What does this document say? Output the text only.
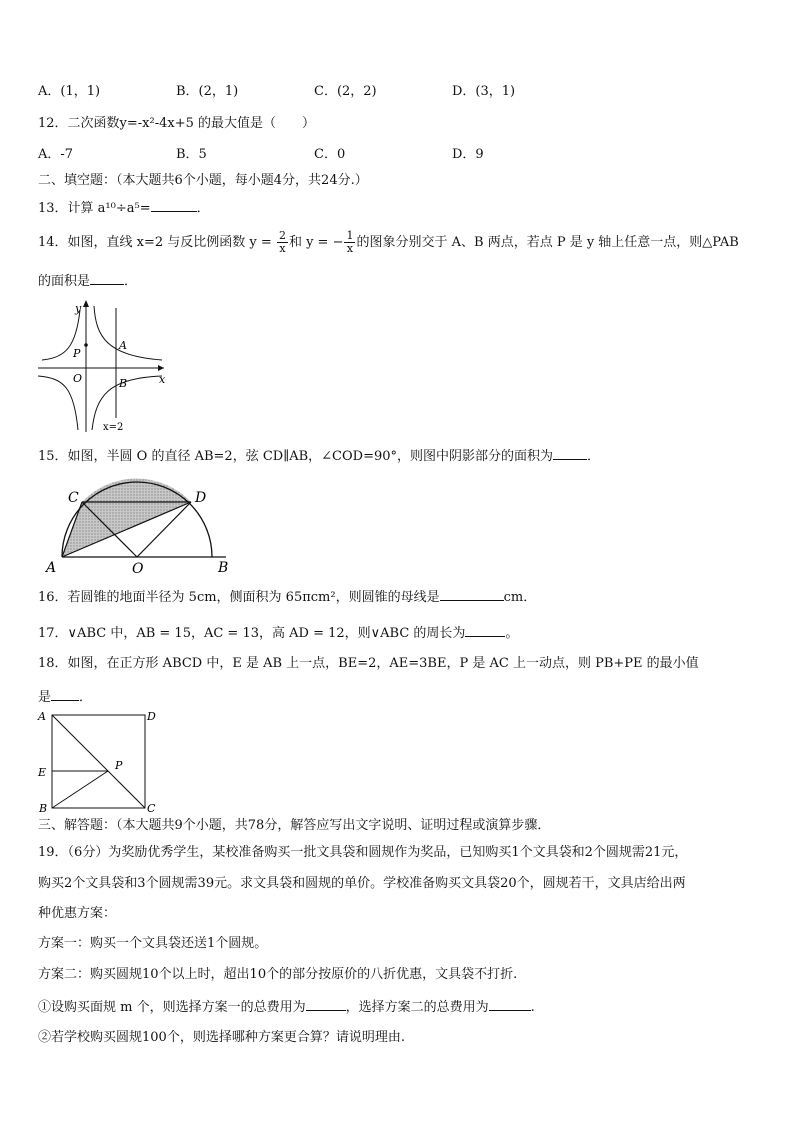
A．(1，1)	B．(2，1)	C．(2，2)	D．(3，1)
12．二次函数y=-x²-4x+5 的最大值是（　　）
A．-7	B．5	C．0	D．9
二、填空题：（本大题共6个小题，每小题4分，共24分.）
13．计算 a¹⁰÷a⁵=	．
14．如图，直线 x=2 与反比例函数 $y = \frac{2}{x}$ 和 y = − $\frac{1}{x}$ 的图象分别交于 A、B 两点，若点 P 是 y 轴上任意一点，则△PAB
的面积是	．
y
x
P
A
O	B
x=2
15．如图，半圆 O 的直径 AB=2，弦 CD∥AB，∠COD=90°，则图中阴影部分的面积为	．
C	D
A	O	B
16．若圆锥的地面半径为 5cm，侧面积为 65πcm²，则圆锥的母线是	cm．
17．∨ABC 中，AB = 15，AC = 13，高 AD = 12，则∨ABC 的周长为	。
18．如图，在正方形 ABCD 中，E 是 AB 上一点，BE=2，AE=3BE，P 是 AC 上一动点，则 PB+PE 的最小值
是 ．
A	D
E
P
B	C
三、解答题：（本大题共9个小题，共78分，解答应写出文字说明、证明过程或演算步骤．
19．（6分）为奖励优秀学生，某校准备购买一批文具袋和圆规作为奖品，已知购买1个文具袋和2个圆规需21元，
购买2个文具袋和3个圆规需39元。求文具袋和圆规的单价。学校准备购买文具袋20个，圆规若干，文具店给出两
种优惠方案：
方案一：购买一个文具袋还送1个圆规。
方案二：购买圆规10个以上时，超出10个的部分按原价的八折优惠，文具袋不打折.
①设购买面规 m 个，则选择方案一的总费用为	，选择方案二的总费用为	.
②若学校购买圆规100个，则选择哪种方案更合算？请说明理由.
